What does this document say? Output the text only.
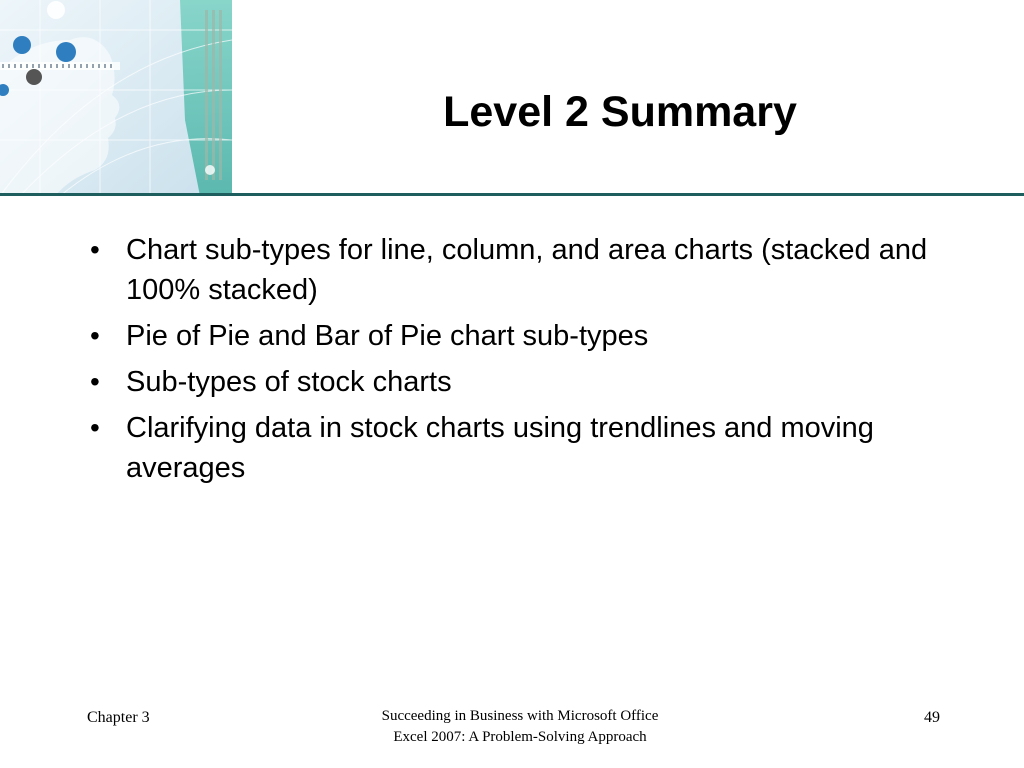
Level 2 Summary
• Chart sub-types for line, column, and area charts (stacked and 100% stacked)
• Pie of Pie and Bar of Pie chart sub-types
• Sub-types of stock charts
• Clarifying data in stock charts using trendlines and moving averages
Chapter 3	Succeeding in Business with Microsoft Office
Excel 2007: A Problem-Solving Approach
49
